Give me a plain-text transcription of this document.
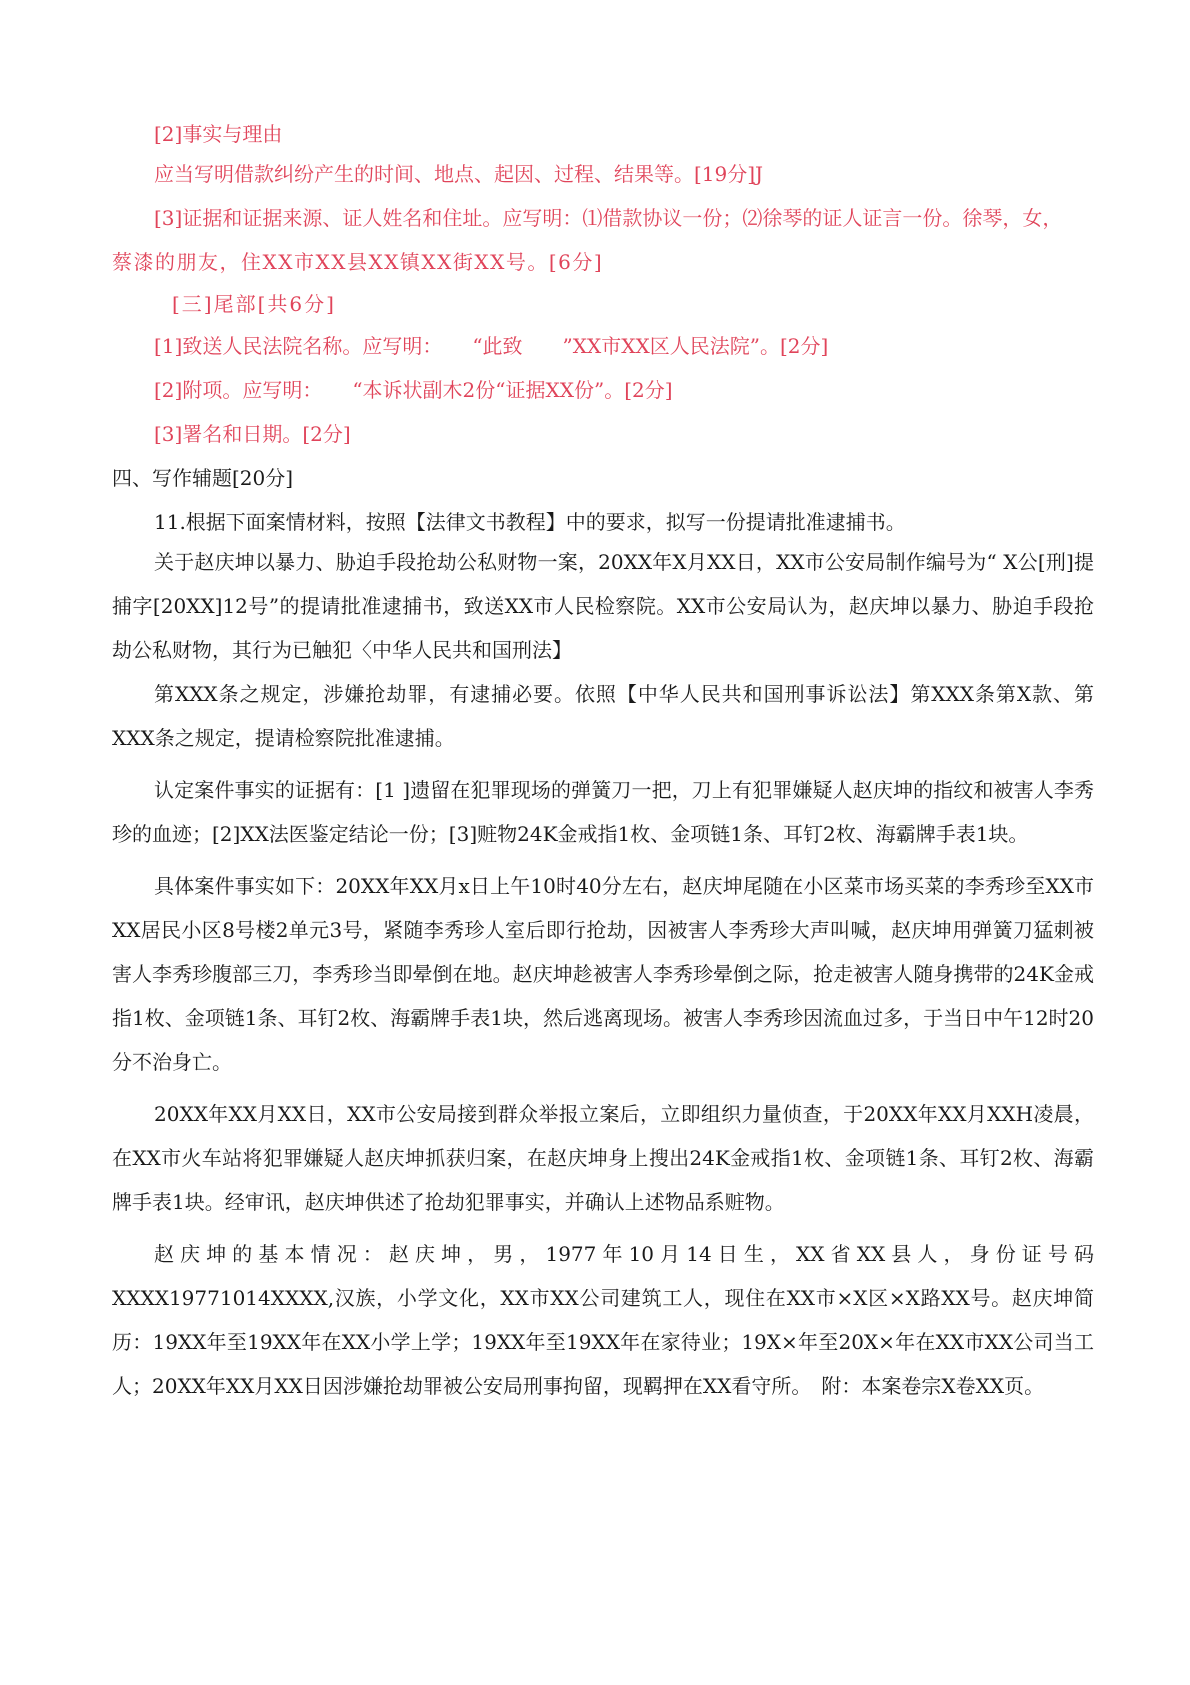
[2]事实与理由
应当写明借款纠纷产生的时间、地点、起因、过程、结果等。[19分]J
[3]证据和证据来源、证人姓名和住址。应写明：⑴借款协议一份；⑵徐琴的证人证言一份。徐琴，女，
蔡漆的朋友，住XX市XX县XX镇XX街XX号。[6分]
[三]尾部[共6分]
[1]致送人民法院名称。应写明：　　“此致　　”XX市XX区人民法院”。[2分]
[2]附项。应写明：　　“本诉状副木2份“证据XX份”。[2分]
[3]署名和日期。[2分]
四、写作辅题[20分]
11.根据下面案情材料，按照【法律文书教程】中的要求，拟写一份提请批准逮捕书。

关于赵庆坤以暴力、胁迫手段抢劫公私财物一案，20XX年X月XX日，XX市公安局制作编号为“ X公[刑]提捕字[20XX]12号”的提请批准逮捕书，致送XX市人民检察院。XX市公安局认为，赵庆坤以暴力、胁迫手段抢劫公私财物，其行为已触犯〈中华人民共和国刑法】

第XXX条之规定，涉嫌抢劫罪，有逮捕必要。依照【中华人民共和国刑事诉讼法】第XXX条第X款、第XXX条之规定，提请检察院批准逮捕。

认定案件事实的证据有：[1 ]遗留在犯罪现场的弹簧刀一把，刀上有犯罪嫌疑人赵庆坤的指纹和被害人李秀珍的血迹；[2]XX法医鉴定结论一份；[3]赃物24K金戒指1枚、金项链1条、耳钉2枚、海霸牌手表1块。

具体案件事实如下：20XX年XX月x日上午10时40分左右，赵庆坤尾随在小区菜市场买菜的李秀珍至XX市XX居民小区8号楼2单元3号，紧随李秀珍人室后即行抢劫，因被害人李秀珍大声叫喊，赵庆坤用弹簧刀猛刺被害人李秀珍腹部三刀，李秀珍当即晕倒在地。赵庆坤趁被害人李秀珍晕倒之际，抢走被害人随身携带的24K金戒指1枚、金项链1条、耳钉2枚、海霸牌手表1块，然后逃离现场。被害人李秀珍因流血过多，于当日中午12时20分不治身亡。

20XX年XX月XX日，XX市公安局接到群众举报立案后，立即组织力量侦查，于20XX年XX月XXH凌晨，在XX市火车站将犯罪嫌疑人赵庆坤抓获归案，在赵庆坤身上搜出24K金戒指1枚、金项链1条、耳钉2枚、海霸牌手表1块。经审讯，赵庆坤供述了抢劫犯罪事实，并确认上述物品系赃物。

赵庆坤的基本情况：赵庆坤，男，1977年10月14日生，XX省XX县人，身份证号码XXXX19771014XXXX,汉族，小学文化，XX市XX公司建筑工人，现住在XX市×X区×X路XX号。赵庆坤简历：19XX年至19XX年在XX小学上学；19XX年至19XX年在家待业；19X×年至20X×年在XX市XX公司当工人；20XX年XX月XX日因涉嫌抢劫罪被公安局刑事拘留，现羁押在XX看守所。　附：本案卷宗X卷XX页。
